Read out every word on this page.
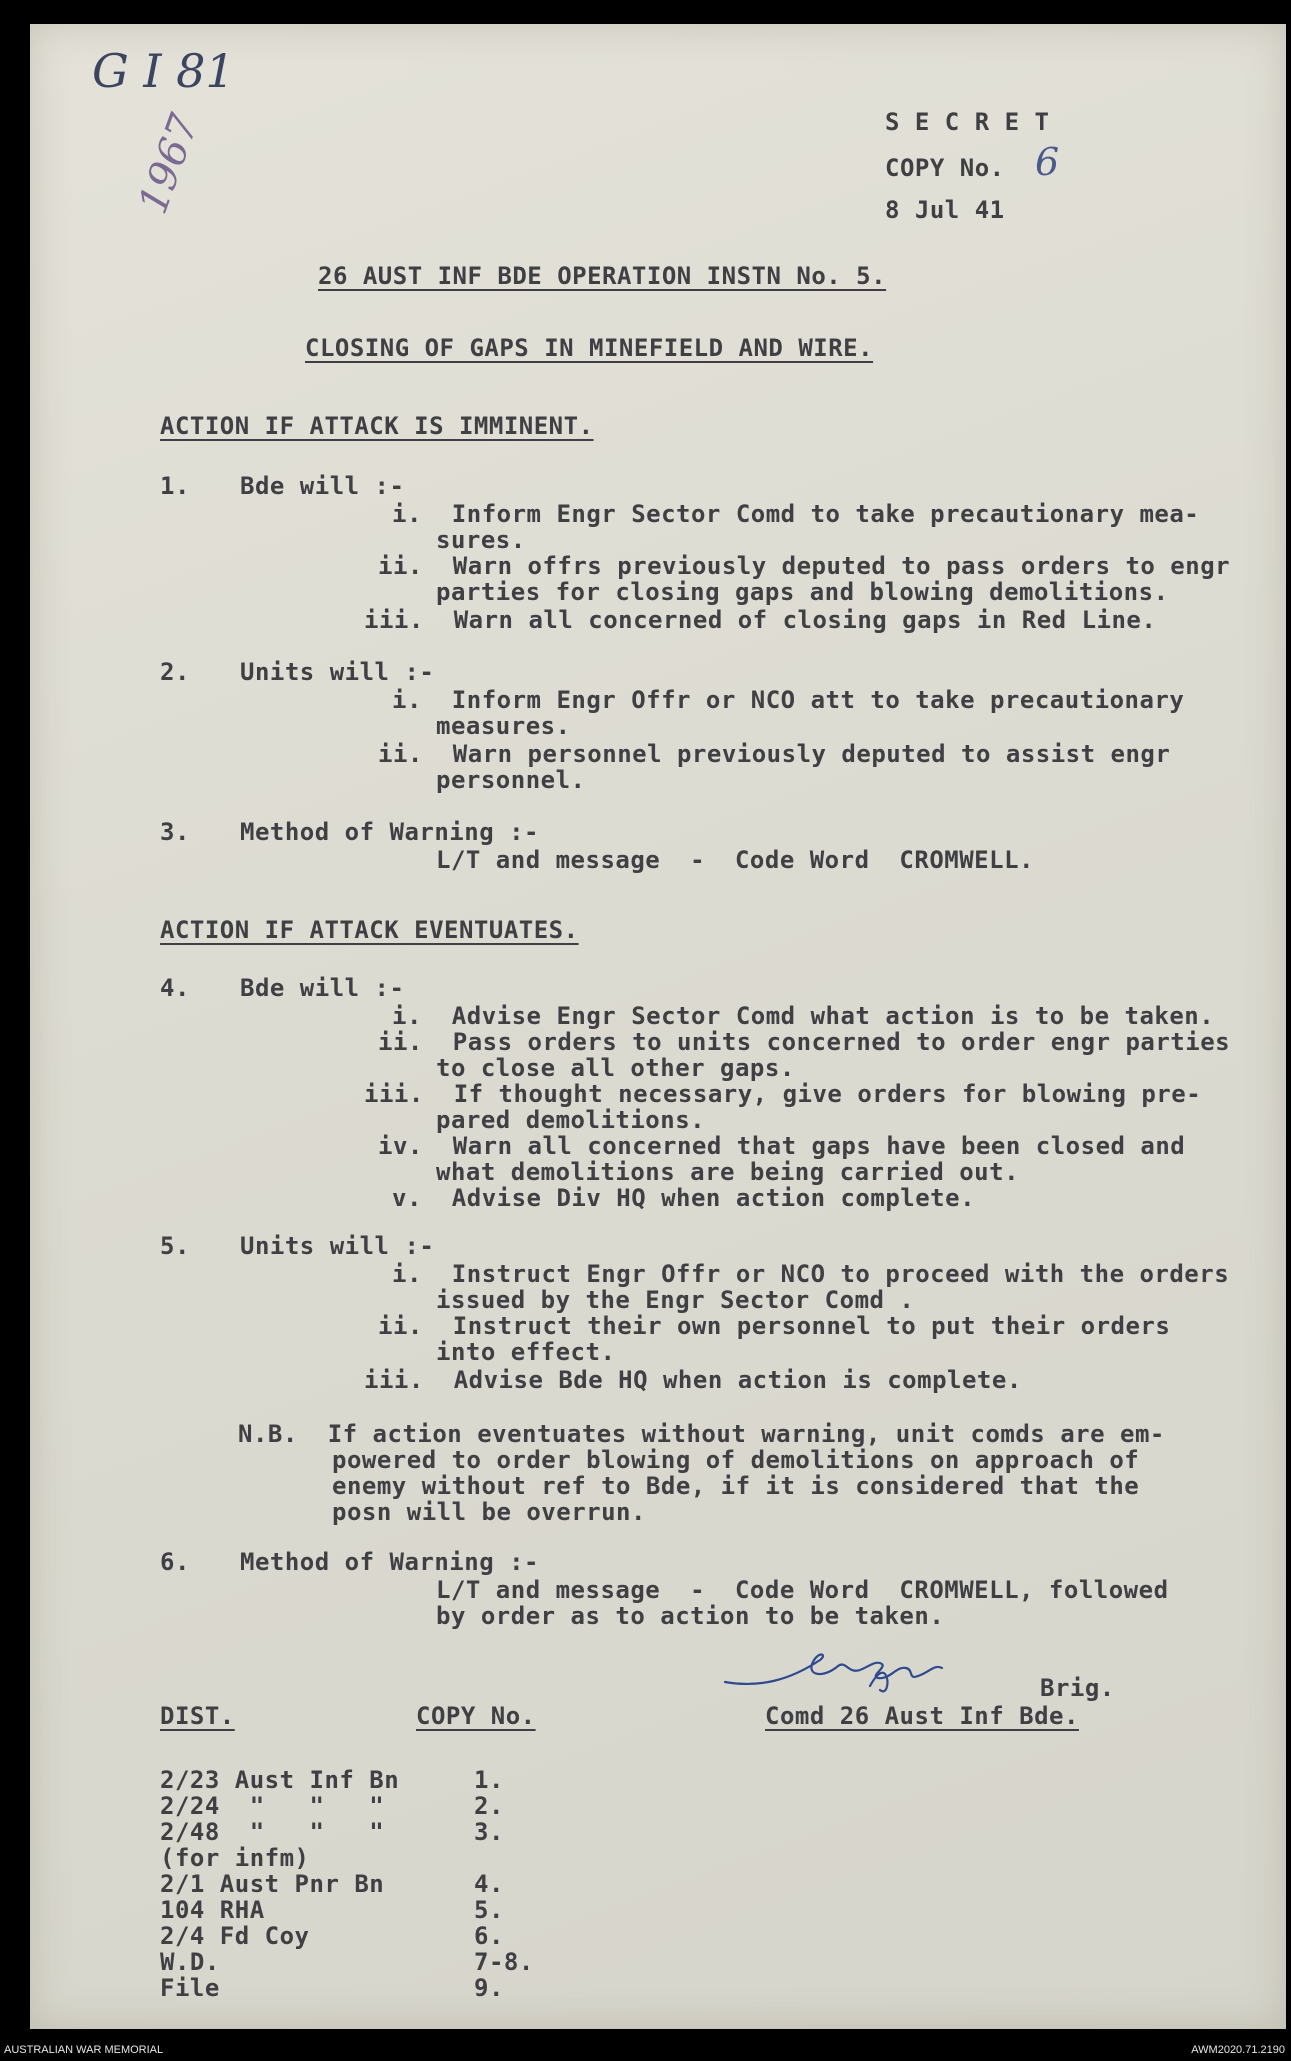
G I 81
6
1967	S E C R E T
COPY No.
8 Jul 41
26 AUST INF BDE OPERATION INSTN No. 5.
CLOSING OF GAPS IN MINEFIELD AND WIRE.
ACTION IF ATTACK IS IMMINENT.
1. Bde will :-
i.  Inform Engr Sector Comd to take precautionary mea-
sures.
ii.  Warn offrs previously deputed to pass orders to engr
parties for closing gaps and blowing demolitions.
iii.  Warn all concerned of closing gaps in Red Line.
2. Units will :-
i.  Inform Engr Offr or NCO att to take precautionary
measures.
ii.  Warn personnel previously deputed to assist engr
personnel.
3. Method of Warning :-
L/T and message  -  Code Word  CROMWELL.
ACTION IF ATTACK EVENTUATES.
4. Bde will :-
i.  Advise Engr Sector Comd what action is to be taken.
ii.  Pass orders to units concerned to order engr parties
to close all other gaps.
iii.  If thought necessary, give orders for blowing pre-
pared demolitions.
iv.  Warn all concerned that gaps have been closed and
what demolitions are being carried out.
v.  Advise Div HQ when action complete.
5. Units will :-
i.  Instruct Engr Offr or NCO to proceed with the orders
issued by the Engr Sector Comd .
ii.  Instruct their own personnel to put their orders
into effect.
iii.  Advise Bde HQ when action is complete.
N.B.  If action eventuates without warning, unit comds are em-
powered to order blowing of demolitions on approach of
enemy without ref to Bde, if it is considered that the
posn will be overrun.
6. Method of Warning :-
L/T and message  -  Code Word  CROMWELL, followed
by order as to action to be taken.
Brig.
Comd 26 Aust Inf Bde.
DIST.	COPY No.
2/23 Aust Inf Bn	1.
2/24  "   "   "	2.
2/48  "   "   "	3.
(for infm)
2/1 Aust Pnr Bn	4.
104 RHA	5.
2/4 Fd Coy	6.
W.D.	7-8.
File	9.
AUSTRALIAN WAR MEMORIAL	AWM2020.71.2190
